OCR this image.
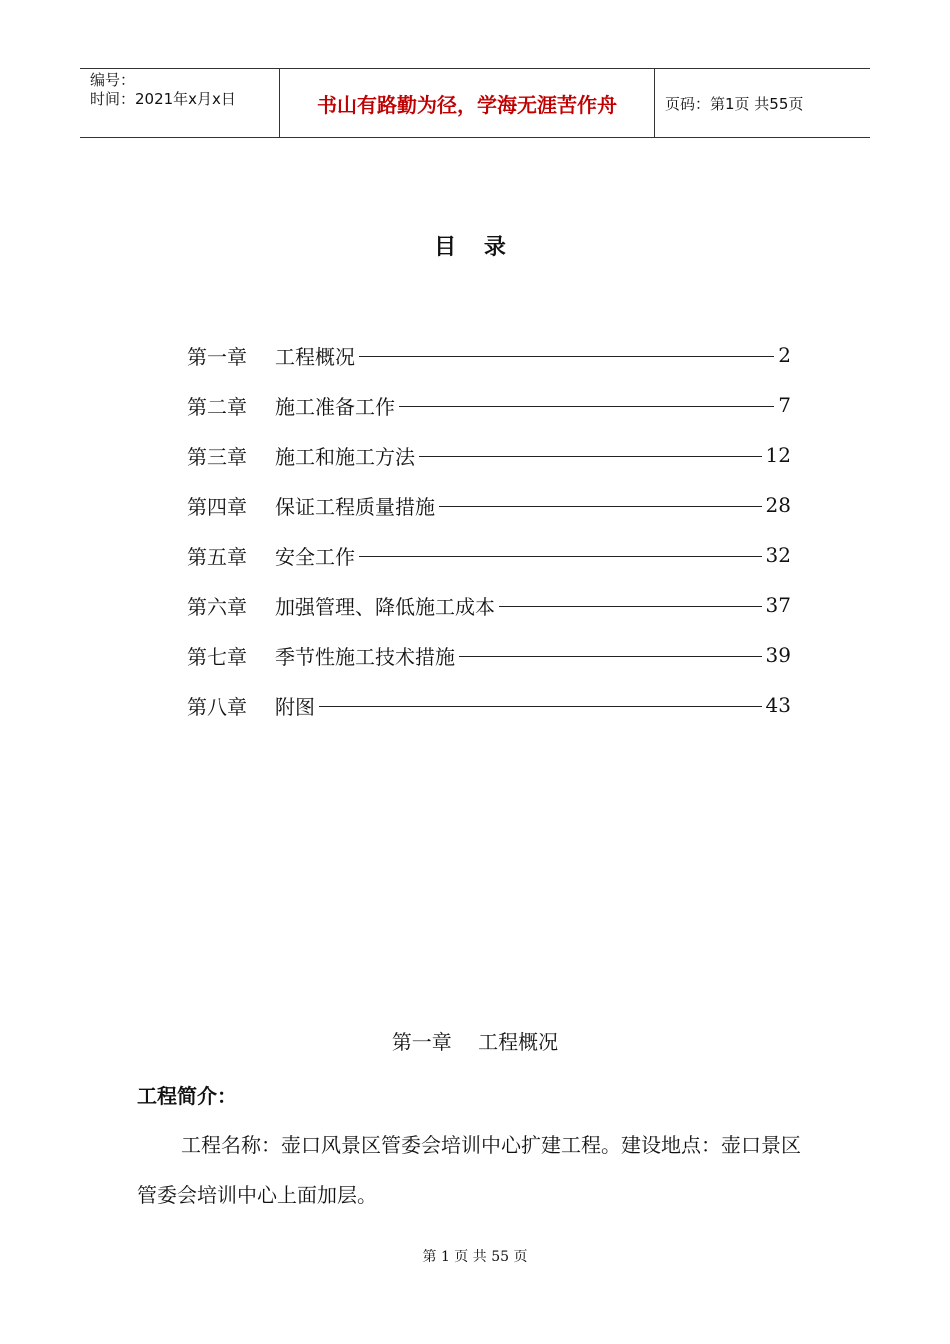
编号：
时间：2021年x月x日	书山有路勤为径，学海无涯苦作舟	页码：第1页 共55页
目 录
第一章	工程概况	2
第二章	施工准备工作	7
第三章	施工和施工方法	12
第四章	保证工程质量措施	28
第五章	安全工作	32
第六章	加强管理、降低施工成本	37
第七章	季节性施工技术措施	39
第八章	附图	43
第一章 工程概况
工程简介：
工程名称：壶口风景区管委会培训中心扩建工程。建设地点：壶口景区管委会培训中心上面加层。
第 1 页 共 55 页
